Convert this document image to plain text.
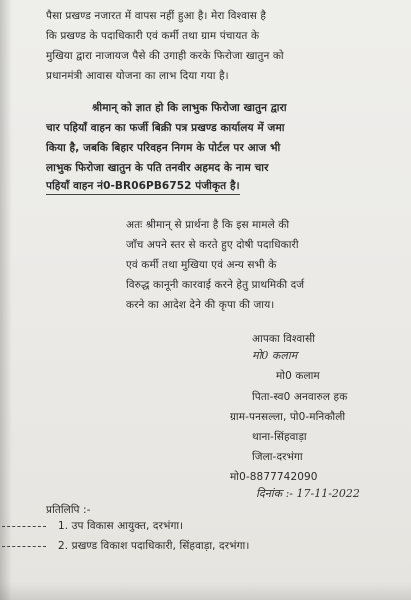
पैसा प्रखण्ड नजारत में वापस नहीं हुआ है। मेरा विश्वास है
कि प्रखण्ड के पदाधिकारी एवं कर्मी तथा ग्राम पंचायत के
मुखिया द्वारा नाजायज पैसे की उगाही करके फिरोजा खातुन को
प्रधानमंत्री आवास योजना का लाभ दिया गया है।
श्रीमान् को ज्ञात हो कि लाभुक फिरोजा खातुन द्वारा
चार पहियाँ वाहन का फर्जी बिक्री पत्र प्रखण्ड कार्यालय में जमा
किया है, जबकि बिहार परिवहन निगम के पोर्टल पर आज भी
लाभुक फिरोजा खातुन के पति तनवीर अहमद के नाम चार
पहियाँ वाहन नं0-BR06PB6752 पंजीकृत है।
अतः श्रीमान् से प्रार्थना है कि इस मामले की
जाँच अपने स्तर से करते हुए दोषी पदाधिकारी
एवं कर्मी तथा मुखिया एवं अन्य सभी के
विरुद्ध कानूनी कारवाई करने हेतु प्राथमिकी दर्ज
करने का आदेश देने की कृपा की जाय।
आपका विश्वासी
मो0 कलाम
मो0 कलाम
पिता-स्व0 अनवारुल हक
ग्राम-पनसल्ला, पो0-मनिकौली
थाना-सिंहवाड़ा
जिला-दरभंगा
मो0-8877742090
दिनांक :- 17-11-2022
प्रतिलिपि :-
1. उप विकास आयुक्त, दरभंगा।
2. प्रखण्ड विकाश पदाधिकारी, सिंहवाड़ा, दरभंगा।
